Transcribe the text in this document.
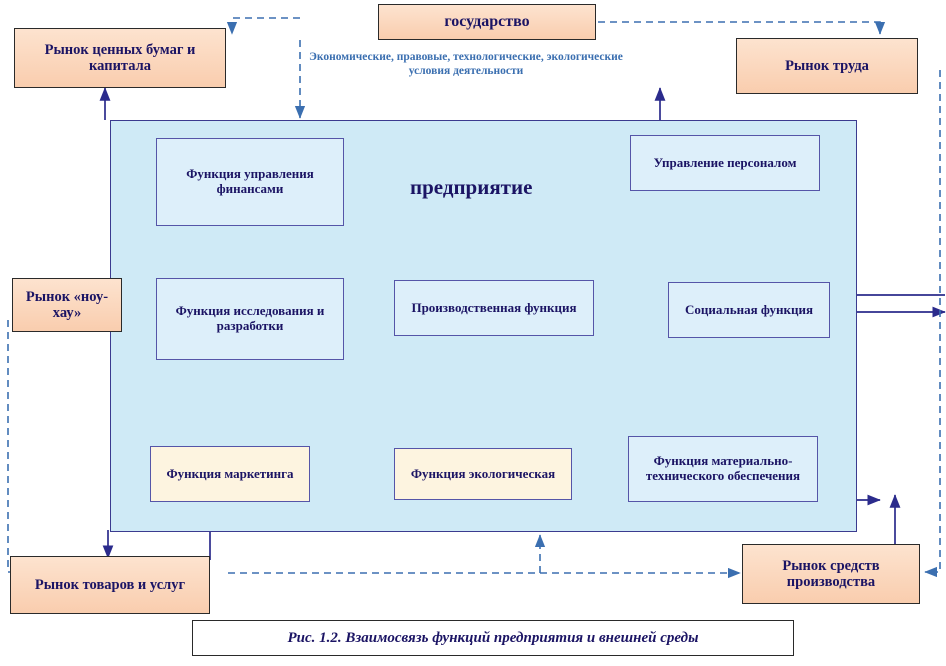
предприятие
государство
Экономические, правовые, технологические, экологические условия деятельности
Рынок ценных бумаг и капитала	Рынок труда
Рынок «ноу-хау»
Рынок товаров и услуг
Рынок средств производства
Функция управления финансами
Управление персоналом
Функция исследования и разработки
Производственная функция	Социальная функция
Функция маркетинга	Функция экологическая
Функция материально-технического обеспечения
Рис. 1.2. Взаимосвязь функций предприятия и внешней среды
